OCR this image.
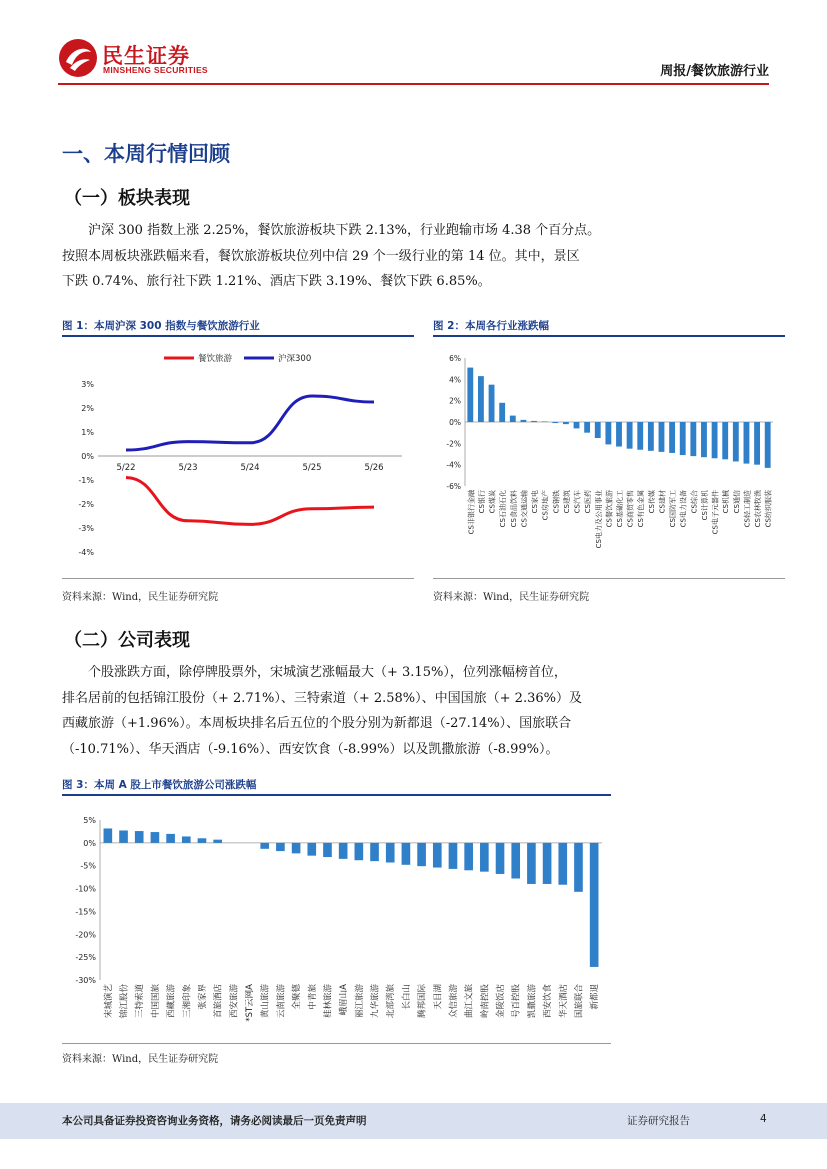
民生证券
MINSHENG SECURITIES	周报/餐饮旅游行业
一、本周行情回顾
（一）板块表现
沪深 300 指数上涨 2.25%，餐饮旅游板块下跌 2.13%，行业跑输市场 4.38 个百分点。
按照本周板块涨跌幅来看，餐饮旅游板块位列中信 29 个一级行业的第 14 位。其中，景区
下跌 0.74%、旅行社下跌 1.21%、酒店下跌 3.19%、餐饮下跌 6.85%。
图 1：本周沪深 300 指数与餐饮旅游行业
3%
2%
1%
0%
-1%
-2%
-3%
-4%
5/22	5/23	5/24	5/25	5/26
餐饮旅游	沪深300
资料来源：Wind，民生证券研究院
图 2：本周各行业涨跌幅
6%
4%
2%
0%
-2%
-4%
-6%
CS非银行金融 CS银行 CS煤炭 CS石油石化 CS食品饮料 CS交通运输 CS家电 CS房地产 CS钢铁 CS建筑 CS汽车 CS医药 CS电力及公用事业 CS餐饮旅游 CS基础化工 CS商贸零售 CS有色金属 CS传媒 CS建材 CS国防军工 CS电力设备 CS综合 CS计算机 CS电子元器件 CS机械 CS通信 CS轻工制造 CS农林牧渔 CS纺织服装
资料来源：Wind，民生证券研究院
（二）公司表现
个股涨跌方面，除停牌股票外，宋城演艺涨幅最大（+ 3.15%），位列涨幅榜首位，
排名居前的包括锦江股份（+ 2.71%）、三特索道（+ 2.58%）、中国国旅（+ 2.36%）及
西藏旅游（+1.96%）。本周板块排名后五位的个股分别为新都退（-27.14%）、国旅联合
（-10.71%）、华天酒店（-9.16%）、西安饮食（-8.99%）以及凯撒旅游（-8.99%）。
图 3：本周 A 股上市餐饮旅游公司涨跌幅
5%
0%
-5%
-10%
-15%
-20%
-25%
-30%
宋城演艺 锦江股份 三特索道 中国国旅 西藏旅游 三湘印象 张家界 首旅酒店 西安旅游 *ST云网A 黄山旅游 云南旅游 全聚德 中青旅 桂林旅游 峨眉山A 丽江旅游 九华旅游 北部湾旅 长白山 腾邦国际 天目湖 众信旅游 曲江文旅 岭南控股 金陵饭店 号百控股 凯撒旅游 西安饮食 华天酒店 国旅联合 新都退
资料来源：Wind，民生证券研究院
本公司具备证券投资咨询业务资格，请务必阅读最后一页免责声明	证券研究报告	4
